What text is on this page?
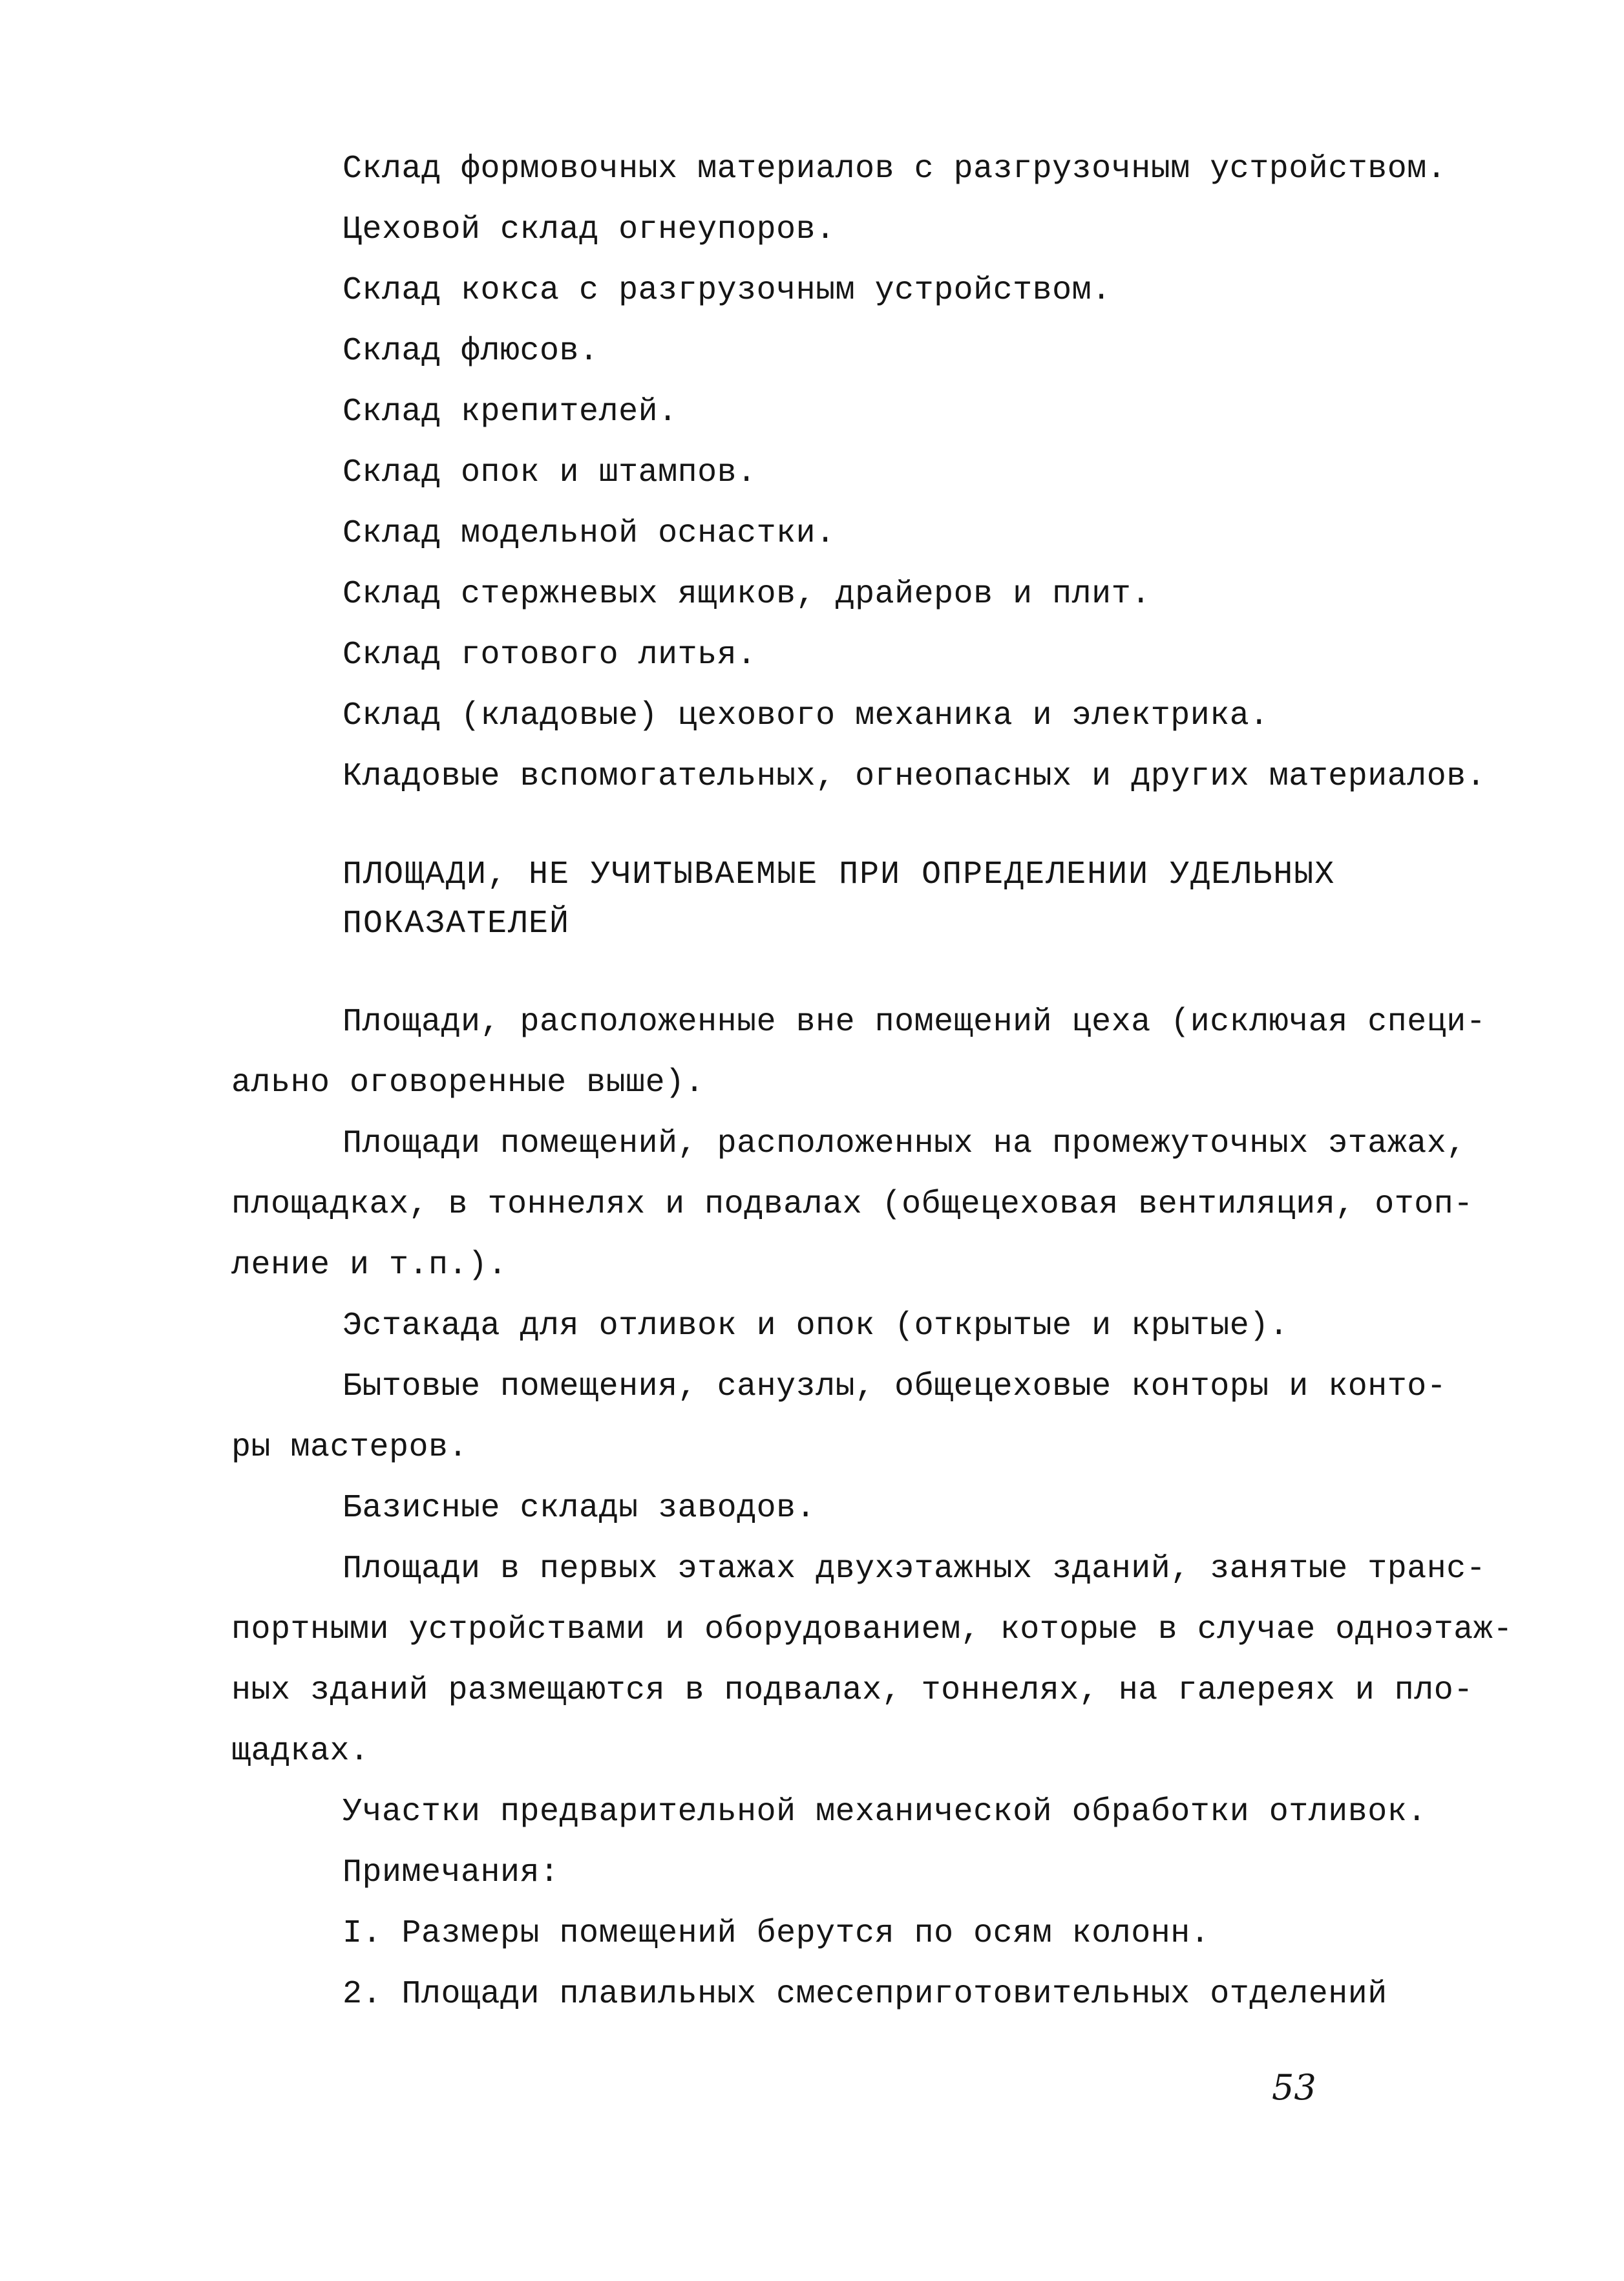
Склад формовочных материалов с разгрузочным устройством.
Цеховой склад огнеупоров.
Склад кокса с разгрузочным устройством.
Склад флюсов.
Склад крепителей.
Склад опок и штампов.
Склад модельной оснастки.
Склад стержневых ящиков, драйеров и плит.
Склад готового литья.
Склад (кладовые) цехового механика и электрика.
Кладовые вспомогательных, огнеопасных и других материалов.
ПЛОЩАДИ, НЕ УЧИТЫВАЕМЫЕ ПРИ ОПРЕДЕЛЕНИИ УДЕЛЬНЫХ
ПОКАЗАТЕЛЕЙ
Площади, расположенные вне помещений цеха (исключая специ-
ально оговоренные выше).
Площади помещений, расположенных на промежуточных этажах,
площадках, в тоннелях и подвалах (общецеховая вентиляция, отоп-
ление и т.п.).
Эстакада для отливок и опок (открытые и крытые).
Бытовые помещения, санузлы, общецеховые конторы и конто-
ры мастеров.
Базисные склады заводов.
Площади в первых этажах двухэтажных зданий, занятые транс-
портными устройствами и оборудованием, которые в случае одноэтаж-
ных зданий размещаются в подвалах, тоннелях, на галереях и пло-
щадках.
Участки предварительной механической обработки отливок.
Примечания:
I. Размеры помещений берутся по осям колонн.
2. Площади плавильных смесеприготовительных отделений
53
